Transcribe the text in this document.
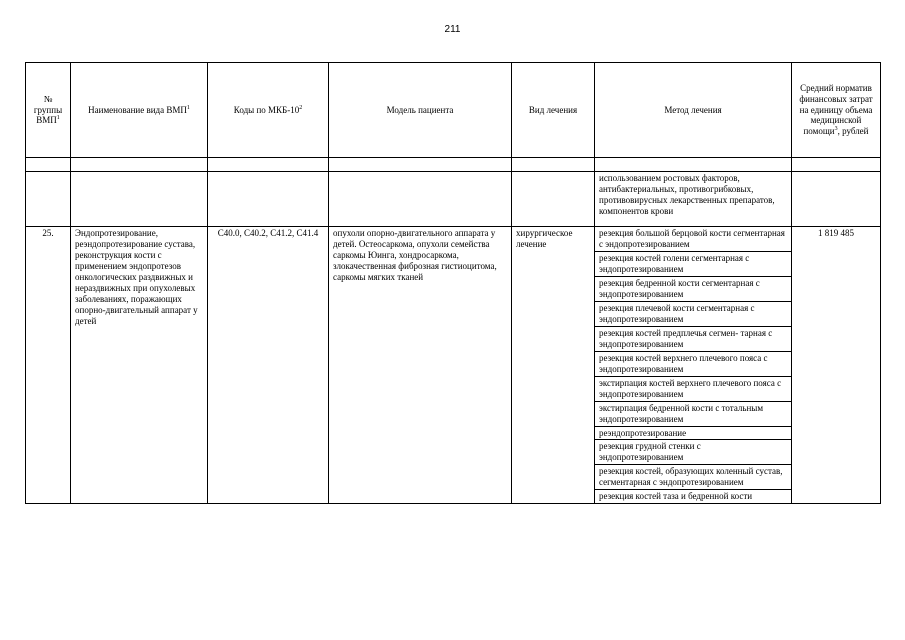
211
№ группы ВМП$^1$	Наименование вида ВМП$^1$	Коды по МКБ-$10^2$	Модель пациента	Вид лечения	Метод лечения	Средний норматив финансовых затрат на единицу объема медицинской помощи$^3$, рублей

					использованием ростовых факторов, антибактериальных, противогрибковых, противовирусных лекарственных препаратов, компонентов крови	
25.	Эндопротезирование, реэндопротезирование сустава, реконструкция кости с применением эндопротезов онкологических раздвижных и нераздвижных при опухолевых заболеваниях, поражающих опорно-двигательный аппарат у детей	C40.0, C40.2, C41.2, C41.4	опухоли опорно-двигательного аппарата у детей. Остеосаркома, опухоли семейства саркомы Юинга, хондросаркома, злокачественная фиброзная гистиоцитома, саркомы мягких тканей	хирургическое лечение	резекция большой берцовой кости сегментарная с эндопротезированием	1 819 485
					резекция костей голени сегментарная с эндопротезированием	
					резекция бедренной кости сегментарная с эндопротезированием	
					резекция плечевой кости сегментарная с эндопротезированием	
					резекция костей предплечья сегмен- тарная с эндопротезированием	
					резекция костей верхнего плечевого пояса с эндопротезированием	
					экстирпация костей верхнего плечевого пояса с эндопротезированием	
					экстирпация бедренной кости с тотальным эндопротезированием	
					реэндопротезирование	
					резекция грудной стенки с эндопротезированием	
					резекция костей, образующих коленный сустав, сегментарная с эндопротезированием	
					резекция костей таза и бедренной кости	
